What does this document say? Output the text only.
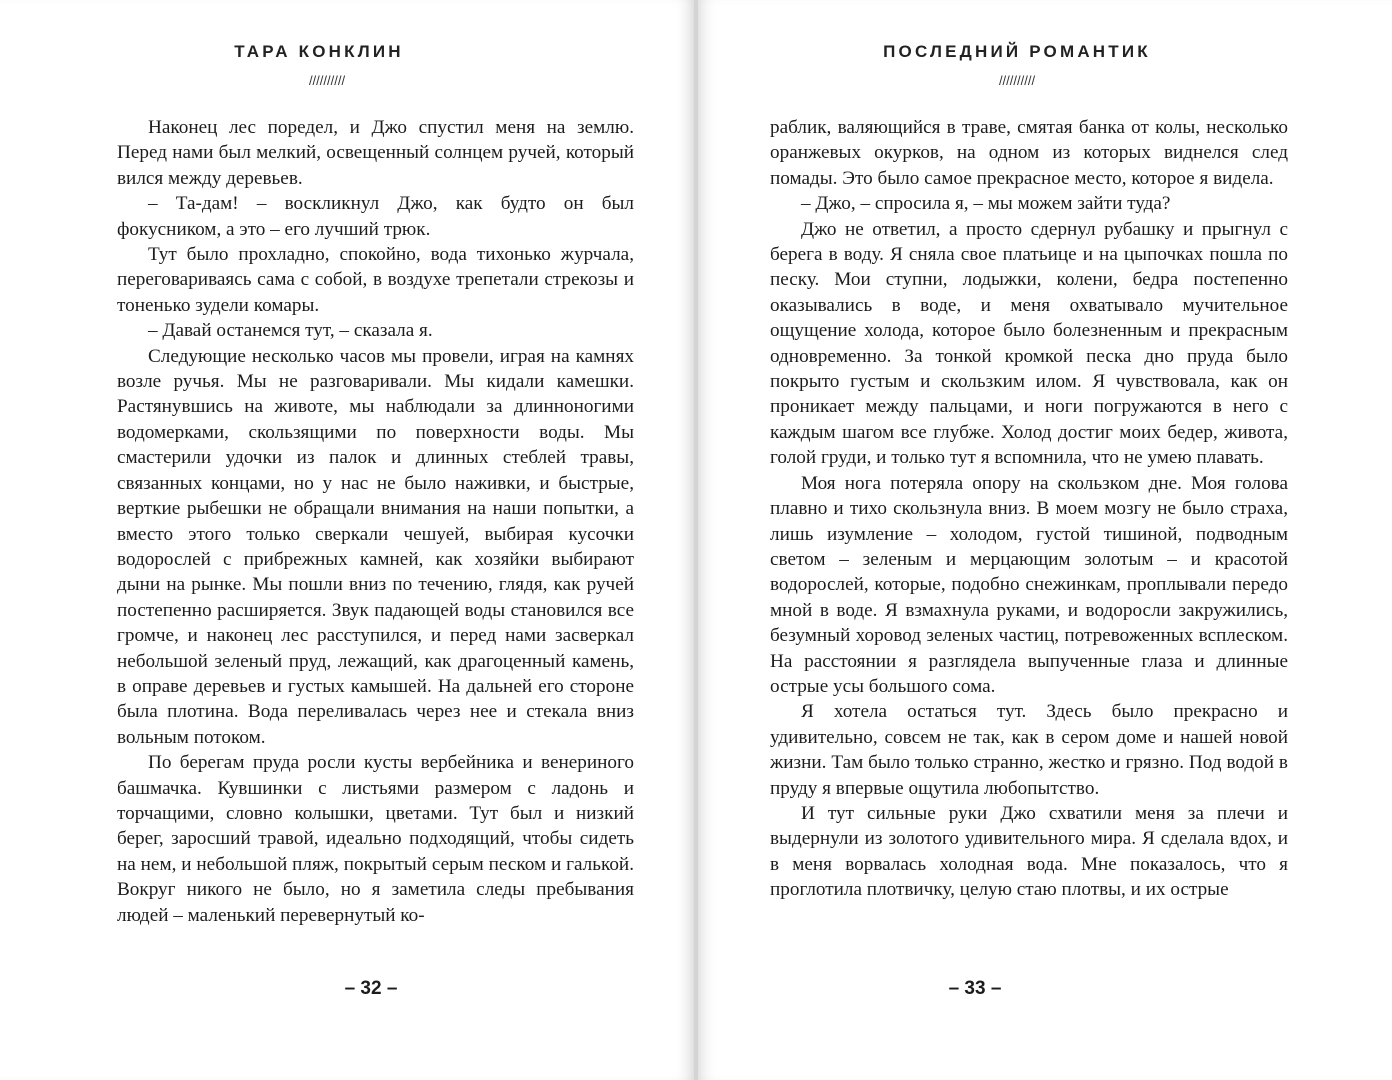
ТАРА КОНКЛИН
//////////

Наконец лес поредел, и Джо спустил меня на землю. Перед нами был мелкий, освещенный солнцем ручей, который вился между деревьев.

– Та-дам! – воскликнул Джо, как будто он был фокусником, а это – его лучший трюк.

Тут было прохладно, спокойно, вода тихонько журчала, переговариваясь сама с собой, в воздухе трепетали стрекозы и тоненько зудели комары.

– Давай останемся тут, – сказала я.

Следующие несколько часов мы провели, играя на камнях возле ручья. Мы не разговаривали. Мы кидали камешки. Растянувшись на животе, мы наблюдали за длинноногими водомерками, скользящими по поверхности воды. Мы смастерили удочки из палок и длинных стеблей травы, связанных концами, но у нас не было наживки, и быстрые, верткие рыбешки не обращали внимания на наши попытки, а вместо этого только сверкали чешуей, выбирая кусочки водорослей с прибрежных камней, как хозяйки выбирают дыни на рынке. Мы пошли вниз по течению, глядя, как ручей постепенно расширяется. Звук падающей воды становился все громче, и наконец лес расступился, и перед нами засверкал небольшой зеленый пруд, лежащий, как драгоценный камень, в оправе деревьев и густых камышей. На дальней его стороне была плотина. Вода переливалась через нее и стекала вниз вольным потоком.

По берегам пруда росли кусты вербейника и венериного башмачка. Кувшинки с листьями размером с ладонь и торчащими, словно колышки, цветами. Тут был и низкий берег, заросший травой, идеально подходящий, чтобы сидеть на нем, и небольшой пляж, покрытый серым песком и галькой. Вокруг никого не было, но я заметила следы пребывания людей – маленький перевернутый ко-

– 32 –
ПОСЛЕДНИЙ РОМАНТИК
//////////

раблик, валяющийся в траве, смятая банка от колы, несколько оранжевых окурков, на одном из которых виднелся след помады. Это было самое прекрасное место, которое я видела.

– Джо, – спросила я, – мы можем зайти туда?

Джо не ответил, а просто сдернул рубашку и прыгнул с берега в воду. Я сняла свое платьице и на цыпочках пошла по песку. Мои ступни, лодыжки, колени, бедра постепенно оказывались в воде, и меня охватывало мучительное ощущение холода, которое было болезненным и прекрасным одновременно. За тонкой кромкой песка дно пруда было покрыто густым и скользким илом. Я чувствовала, как он проникает между пальцами, и ноги погружаются в него с каждым шагом все глубже. Холод достиг моих бедер, живота, голой груди, и только тут я вспомнила, что не умею плавать.

Моя нога потеряла опору на скользком дне. Моя голова плавно и тихо скользнула вниз. В моем мозгу не было страха, лишь изумление – холодом, густой тишиной, подводным светом – зеленым и мерцающим золотым – и красотой водорослей, которые, подобно снежинкам, проплывали передо мной в воде. Я взмахнула руками, и водоросли закружились, безумный хоровод зеленых частиц, потревоженных всплеском. На расстоянии я разглядела выпученные глаза и длинные острые усы большого сома.

Я хотела остаться тут. Здесь было прекрасно и удивительно, совсем не так, как в сером доме и нашей новой жизни. Там было только странно, жестко и грязно. Под водой в пруду я впервые ощутила любопытство.

И тут сильные руки Джо схватили меня за плечи и выдернули из золотого удивительного мира. Я сделала вдох, и в меня ворвалась холодная вода. Мне показалось, что я проглотила плотвичку, целую стаю плотвы, и их острые

– 33 –
